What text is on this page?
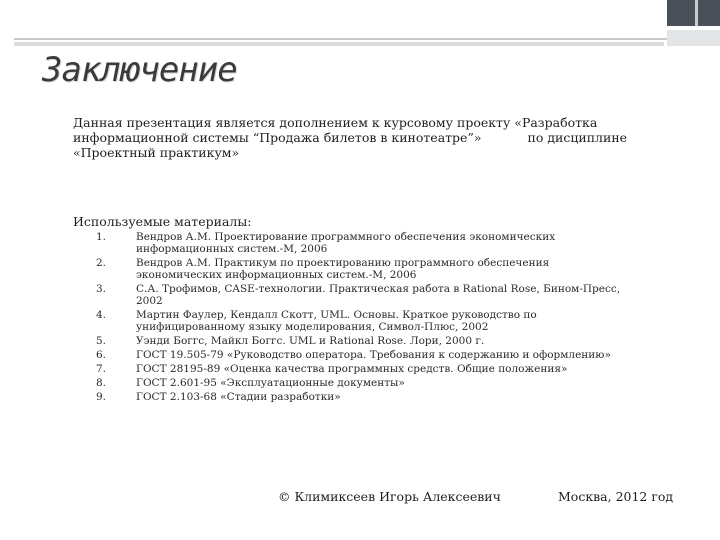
Заключение
Данная презентация является дополнением к курсовому проекту «Разработка
информационной системы “Продажа билетов в кинотеатре”»	по дисциплине
«Проектный практикум»
Используемые материалы:
1.	Вендров А.М. Проектирование программного обеспечения экономических
информационных систем.-М, 2006
2.	Вендров А.М. Практикум по проектированию программного обеспечения
экономических информационных систем.-М, 2006
3.	С.А. Трофимов, CASE-технологии. Практическая работа в Rational Rose, Бином-Пресс,
2002
4.	Мартин Фаулер, Кендалл Скотт, UML. Основы. Краткое руководство по
унифицированному языку моделирования, Символ-Плюс, 2002
5.	Уэнди Боггс, Майкл Боггс. UML и Rational Rose. Лори, 2000 г.
6.	ГОСТ 19.505-79 «Руководство оператора. Требования к содержанию и оформлению»
7.	ГОСТ 28195-89 «Оценка качества программных средств. Общие положения»
8.	ГОСТ 2.601-95 «Эксплуатационные документы»
9.	ГОСТ 2.103-68 «Стадии разработки»
© Климиксеев Игорь Алексеевич	Москва, 2012 год
